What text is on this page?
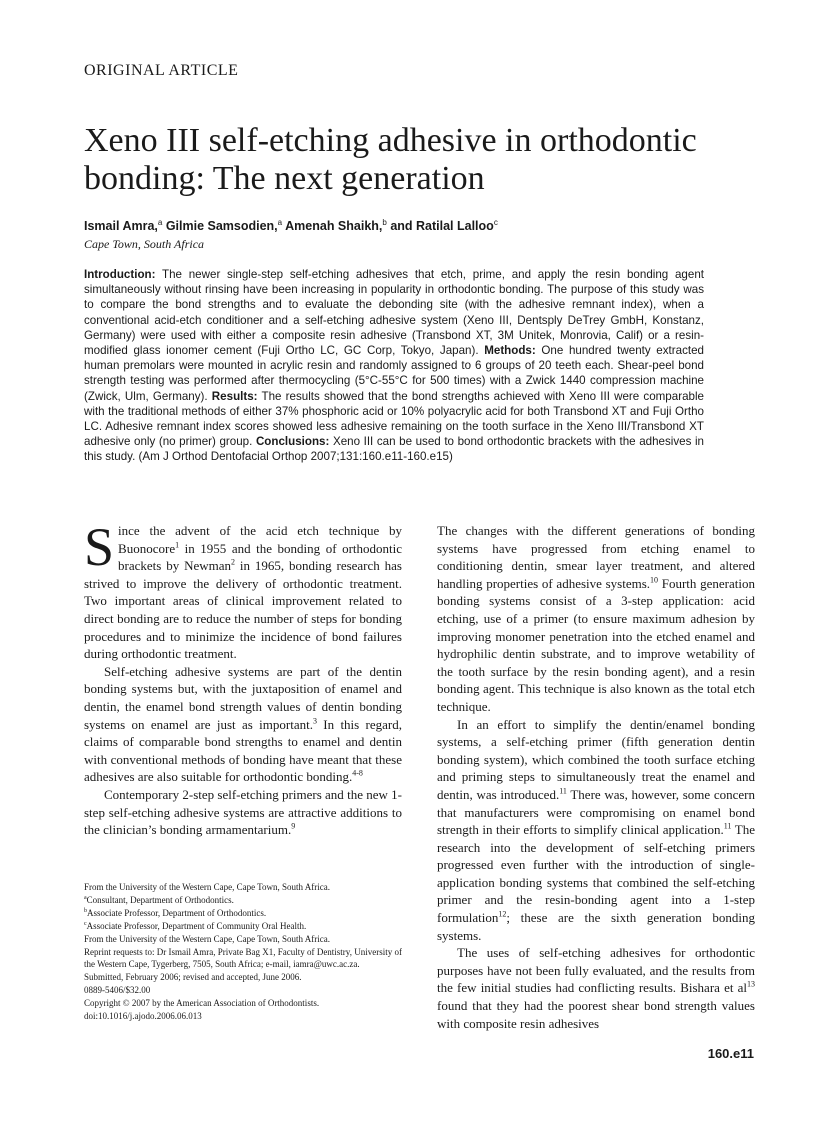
ORIGINAL ARTICLE
Xeno III self-etching adhesive in orthodontic bonding: The next generation
Ismail Amra,$^a$ Gilmie Samsodien,$^a$ Amenah Shaikh,$^b$ and Ratilal Lalloo$^c$
Cape Town, South Africa

Introduction: The newer single-step self-etching adhesives that etch, prime, and apply the resin bonding agent simultaneously without rinsing have been increasing in popularity in orthodontic bonding. The purpose of this study was to compare the bond strengths and to evaluate the debonding site (with the adhesive remnant index), when a conventional acid-etch conditioner and a self-etching adhesive system (Xeno III, Dentsply DeTrey GmbH, Konstanz, Germany) were used with either a composite resin adhesive (Transbond XT, 3M Unitek, Monrovia, Calif) or a resin-modified glass ionomer cement (Fuji Ortho LC, GC Corp, Tokyo, Japan). Methods: One hundred twenty extracted human premolars were mounted in acrylic resin and randomly assigned to 6 groups of 20 teeth each. Shear-peel bond strength testing was performed after thermocycling (5°C-55°C for 500 times) with a Zwick 1440 compression machine (Zwick, Ulm, Germany). Results: The results showed that the bond strengths achieved with Xeno III were comparable with the traditional methods of either 37% phosphoric acid or 10% polyacrylic acid for both Transbond XT and Fuji Ortho LC. Adhesive remnant index scores showed less adhesive remaining on the tooth surface in the Xeno III/Transbond XT adhesive only (no primer) group. Conclusions: Xeno III can be used to bond orthodontic brackets with the adhesives in this study. (Am J Orthod Dentofacial Orthop 2007;131:160.e11-160.e15)

Since the advent of the acid etch technique by Buonocore$^1$ in 1955 and the bonding of orthodontic brackets by Newman$^2$ in 1965, bonding research has strived to improve the delivery of orthodontic treatment. Two important areas of clinical improvement related to direct bonding are to reduce the number of steps for bonding procedures and to minimize the incidence of bond failures during orthodontic treatment.

Self-etching adhesive systems are part of the dentin bonding systems but, with the juxtaposition of enamel and dentin, the enamel bond strength values of dentin bonding systems on enamel are just as important.$^3$ In this regard, claims of comparable bond strengths to enamel and dentin with conventional methods of bonding have meant that these adhesives are also suitable for orthodontic bonding.$^{4-8}$

Contemporary 2-step self-etching primers and the new 1-step self-etching adhesive systems are attractive additions to the clinician’s bonding armamentarium.$^9$

From the University of the Western Cape, Cape Town, South Africa.
$^a$Consultant, Department of Orthodontics.
$^b$Associate Professor, Department of Orthodontics.
$^c$Associate Professor, Department of Community Oral Health.
From the University of the Western Cape, Cape Town, South Africa.
Reprint requests to: Dr Ismail Amra, Private Bag X1, Faculty of Dentistry, University of the Western Cape, Tygerberg, 7505, South Africa; e-mail, iamra@uwc.ac.za.
Submitted, February 2006; revised and accepted, June 2006.
0889-5406/$32.00
Copyright © 2007 by the American Association of Orthodontists.
doi:10.1016/j.ajodo.2006.06.013

The changes with the different generations of bonding systems have progressed from etching enamel to conditioning dentin, smear layer treatment, and altered handling properties of adhesive systems.$^{10}$ Fourth generation bonding systems consist of a 3-step application: acid etching, use of a primer (to ensure maximum adhesion by improving monomer penetration into the etched enamel and hydrophilic dentin substrate, and to improve wetability of the tooth surface by the resin bonding agent), and a resin bonding agent. This technique is also known as the total etch technique.

In an effort to simplify the dentin/enamel bonding systems, a self-etching primer (fifth generation dentin bonding system), which combined the tooth surface etching and priming steps to simultaneously treat the enamel and dentin, was introduced.$^{11}$ There was, however, some concern that manufacturers were compromising on enamel bond strength in their efforts to simplify clinical application.$^{11}$ The research into the development of self-etching primers progressed even further with the introduction of single-application bonding systems that combined the self-etching primer and the resin-bonding agent into a 1-step formulation$^{12}$; these are the sixth generation bonding systems.

The uses of self-etching adhesives for orthodontic purposes have not been fully evaluated, and the results from the few initial studies had conflicting results. Bishara et $al^{13}$ found that they had the poorest shear bond strength values with composite resin adhesives

160.e11
